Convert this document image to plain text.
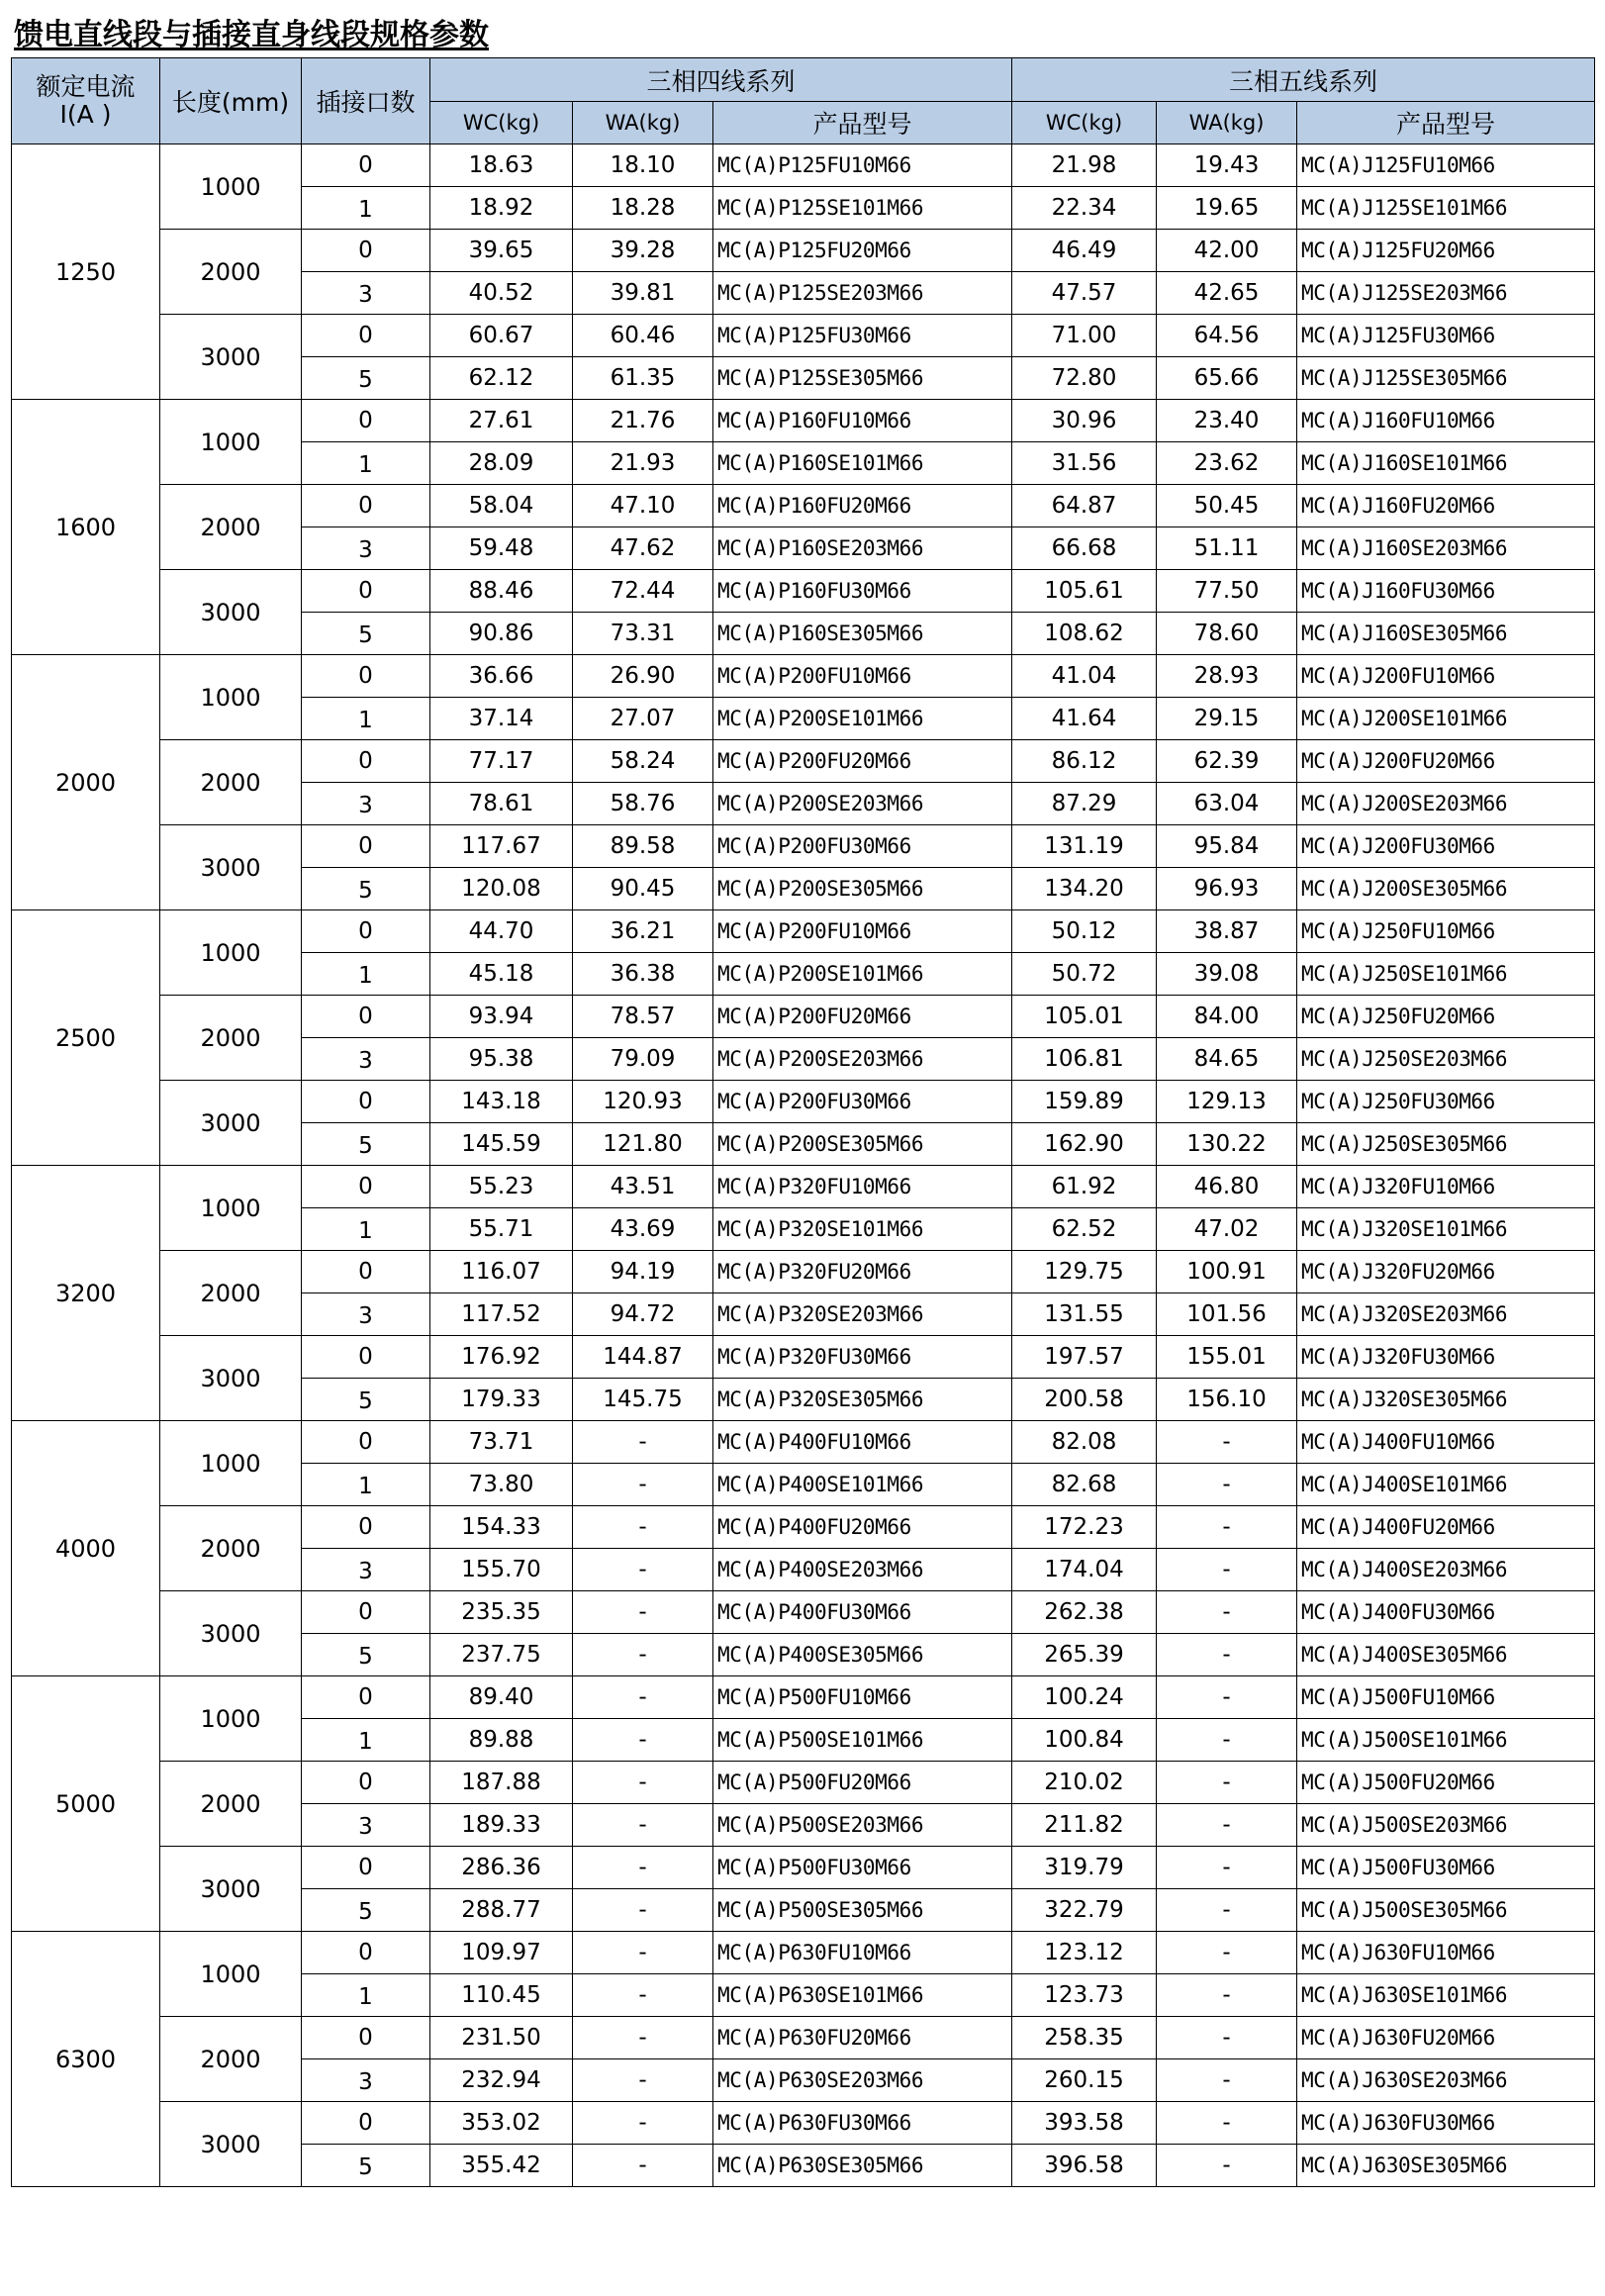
馈电直线段与插接直身线段规格参数
额定电流
I(A )	长度(mm)	插接口数	三相四线系列			三相五线系列		
			WC(kg)	WA(kg)	产品型号	WC(kg)	WA(kg)	产品型号
1250	1000	0	18.63	18.10	MC(A)P125FU10M66	21.98	19.43	MC(A)J125FU10M66
		1	18.92	18.28	MC(A)P125SE101M66	22.34	19.65	MC(A)J125SE101M66
	2000	0	39.65	39.28	MC(A)P125FU20M66	46.49	42.00	MC(A)J125FU20M66
		3	40.52	39.81	MC(A)P125SE203M66	47.57	42.65	MC(A)J125SE203M66
	3000	0	60.67	60.46	MC(A)P125FU30M66	71.00	64.56	MC(A)J125FU30M66
		5	62.12	61.35	MC(A)P125SE305M66	72.80	65.66	MC(A)J125SE305M66
1600	1000	0	27.61	21.76	MC(A)P160FU10M66	30.96	23.40	MC(A)J160FU10M66
		1	28.09	21.93	MC(A)P160SE101M66	31.56	23.62	MC(A)J160SE101M66
	2000	0	58.04	47.10	MC(A)P160FU20M66	64.87	50.45	MC(A)J160FU20M66
		3	59.48	47.62	MC(A)P160SE203M66	66.68	51.11	MC(A)J160SE203M66
	3000	0	88.46	72.44	MC(A)P160FU30M66	105.61	77.50	MC(A)J160FU30M66
		5	90.86	73.31	MC(A)P160SE305M66	108.62	78.60	MC(A)J160SE305M66
2000	1000	0	36.66	26.90	MC(A)P200FU10M66	41.04	28.93	MC(A)J200FU10M66
		1	37.14	27.07	MC(A)P200SE101M66	41.64	29.15	MC(A)J200SE101M66
	2000	0	77.17	58.24	MC(A)P200FU20M66	86.12	62.39	MC(A)J200FU20M66
		3	78.61	58.76	MC(A)P200SE203M66	87.29	63.04	MC(A)J200SE203M66
	3000	0	117.67	89.58	MC(A)P200FU30M66	131.19	95.84	MC(A)J200FU30M66
		5	120.08	90.45	MC(A)P200SE305M66	134.20	96.93	MC(A)J200SE305M66
2500	1000	0	44.70	36.21	MC(A)P200FU10M66	50.12	38.87	MC(A)J250FU10M66
		1	45.18	36.38	MC(A)P200SE101M66	50.72	39.08	MC(A)J250SE101M66
	2000	0	93.94	78.57	MC(A)P200FU20M66	105.01	84.00	MC(A)J250FU20M66
		3	95.38	79.09	MC(A)P200SE203M66	106.81	84.65	MC(A)J250SE203M66
	3000	0	143.18	120.93	MC(A)P200FU30M66	159.89	129.13	MC(A)J250FU30M66
		5	145.59	121.80	MC(A)P200SE305M66	162.90	130.22	MC(A)J250SE305M66
3200	1000	0	55.23	43.51	MC(A)P320FU10M66	61.92	46.80	MC(A)J320FU10M66
		1	55.71	43.69	MC(A)P320SE101M66	62.52	47.02	MC(A)J320SE101M66
	2000	0	116.07	94.19	MC(A)P320FU20M66	129.75	100.91	MC(A)J320FU20M66
		3	117.52	94.72	MC(A)P320SE203M66	131.55	101.56	MC(A)J320SE203M66
	3000	0	176.92	144.87	MC(A)P320FU30M66	197.57	155.01	MC(A)J320FU30M66
		5	179.33	145.75	MC(A)P320SE305M66	200.58	156.10	MC(A)J320SE305M66
4000	1000	0	73.71	-	MC(A)P400FU10M66	82.08	-	MC(A)J400FU10M66
		1	73.80	-	MC(A)P400SE101M66	82.68	-	MC(A)J400SE101M66
	2000	0	154.33	-	MC(A)P400FU20M66	172.23	-	MC(A)J400FU20M66
		3	155.70	-	MC(A)P400SE203M66	174.04	-	MC(A)J400SE203M66
	3000	0	235.35	-	MC(A)P400FU30M66	262.38	-	MC(A)J400FU30M66
		5	237.75	-	MC(A)P400SE305M66	265.39	-	MC(A)J400SE305M66
5000	1000	0	89.40	-	MC(A)P500FU10M66	100.24	-	MC(A)J500FU10M66
		1	89.88	-	MC(A)P500SE101M66	100.84	-	MC(A)J500SE101M66
	2000	0	187.88	-	MC(A)P500FU20M66	210.02	-	MC(A)J500FU20M66
		3	189.33	-	MC(A)P500SE203M66	211.82	-	MC(A)J500SE203M66
	3000	0	286.36	-	MC(A)P500FU30M66	319.79	-	MC(A)J500FU30M66
		5	288.77	-	MC(A)P500SE305M66	322.79	-	MC(A)J500SE305M66
6300	1000	0	109.97	-	MC(A)P630FU10M66	123.12	-	MC(A)J630FU10M66
		1	110.45	-	MC(A)P630SE101M66	123.73	-	MC(A)J630SE101M66
	2000	0	231.50	-	MC(A)P630FU20M66	258.35	-	MC(A)J630FU20M66
		3	232.94	-	MC(A)P630SE203M66	260.15	-	MC(A)J630SE203M66
	3000	0	353.02	-	MC(A)P630FU30M66	393.58	-	MC(A)J630FU30M66
		5	355.42	-	MC(A)P630SE305M66	396.58	-	MC(A)J630SE305M66
